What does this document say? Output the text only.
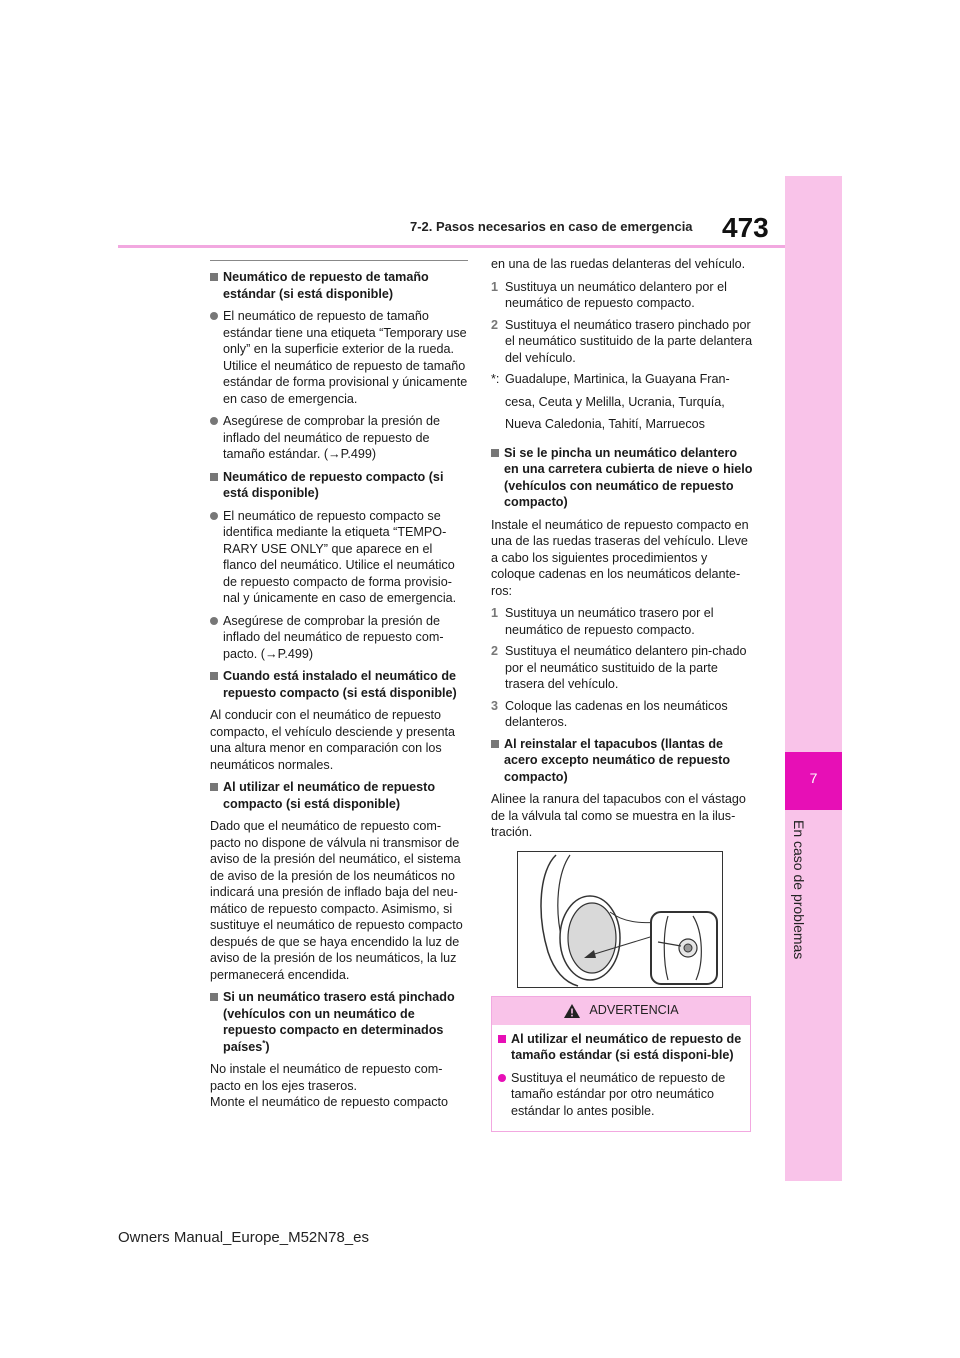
7
En caso de problemas
7-2. Pasos necesarios en caso de emergencia 473
Neumático de repuesto de tamaño estándar (si está disponible)
El neumático de repuesto de tamaño estándar tiene una etiqueta “Temporary use only” en la superficie exterior de la rueda. Utilice el neumático de repuesto de tamaño estándar de forma provisional y únicamente en caso de emergencia.
Asegúrese de comprobar la presión de inflado del neumático de repuesto de tamaño estándar. (→P.499)
Neumático de repuesto compacto (si está disponible)
El neumático de repuesto compacto se identifica mediante la etiqueta “TEMPO-RARY USE ONLY” que aparece en el flanco del neumático. Utilice el neumático de repuesto compacto de forma provisio-nal y únicamente en caso de emergencia.
Asegúrese de comprobar la presión de inflado del neumático de repuesto com-pacto. (→P.499)
Cuando está instalado el neumático de repuesto compacto (si está disponible)
Al conducir con el neumático de repuesto compacto, el vehículo desciende y presenta una altura menor en comparación con los neumáticos normales.
Al utilizar el neumático de repuesto compacto (si está disponible)
Dado que el neumático de repuesto com-pacto no dispone de válvula ni transmisor de aviso de la presión del neumático, el sistema de aviso de la presión de los neumáticos no indicará una presión de inflado baja del neu-mático de repuesto compacto. Asimismo, si sustituye el neumático de repuesto compacto después de que se haya encendido la luz de aviso de la presión de los neumáticos, la luz permanecerá encendida.
Si un neumático trasero está pinchado (vehículos con un neumático de repuesto compacto en determinados países*)
No instale el neumático de repuesto com-pacto en los ejes traseros.
Monte el neumático de repuesto compacto
en una de las ruedas delanteras del vehículo.
1 Sustituya un neumático delantero por el neumático de repuesto compacto.
2 Sustituya el neumático trasero pinchado por el neumático sustituido de la parte delantera del vehículo.
*: Guadalupe, Martinica, la Guayana Fran-
cesa, Ceuta y Melilla, Ucrania, Turquía,
Nueva Caledonia, Tahití, Marruecos
Si se le pincha un neumático delantero en una carretera cubierta de nieve o hielo (vehículos con neumático de repuesto compacto)
Instale el neumático de repuesto compacto en una de las ruedas traseras del vehículo. Lleve a cabo los siguientes procedimientos y coloque cadenas en los neumáticos delante-ros:
1 Sustituya un neumático trasero por el neumático de repuesto compacto.
2 Sustituya el neumático delantero pin-chado por el neumático sustituido de la parte trasera del vehículo.
3 Coloque las cadenas en los neumáticos delanteros.
Al reinstalar el tapacubos (llantas de acero excepto neumático de repuesto compacto)
Alinee la ranura del tapacubos con el vástago de la válvula tal como se muestra en la ilus-tración.
ADVERTENCIA
Al utilizar el neumático de repuesto de tamaño estándar (si está disponi-ble)
Sustituya el neumático de repuesto de tamaño estándar por otro neumático estándar lo antes posible.
Owners Manual_Europe_M52N78_es
